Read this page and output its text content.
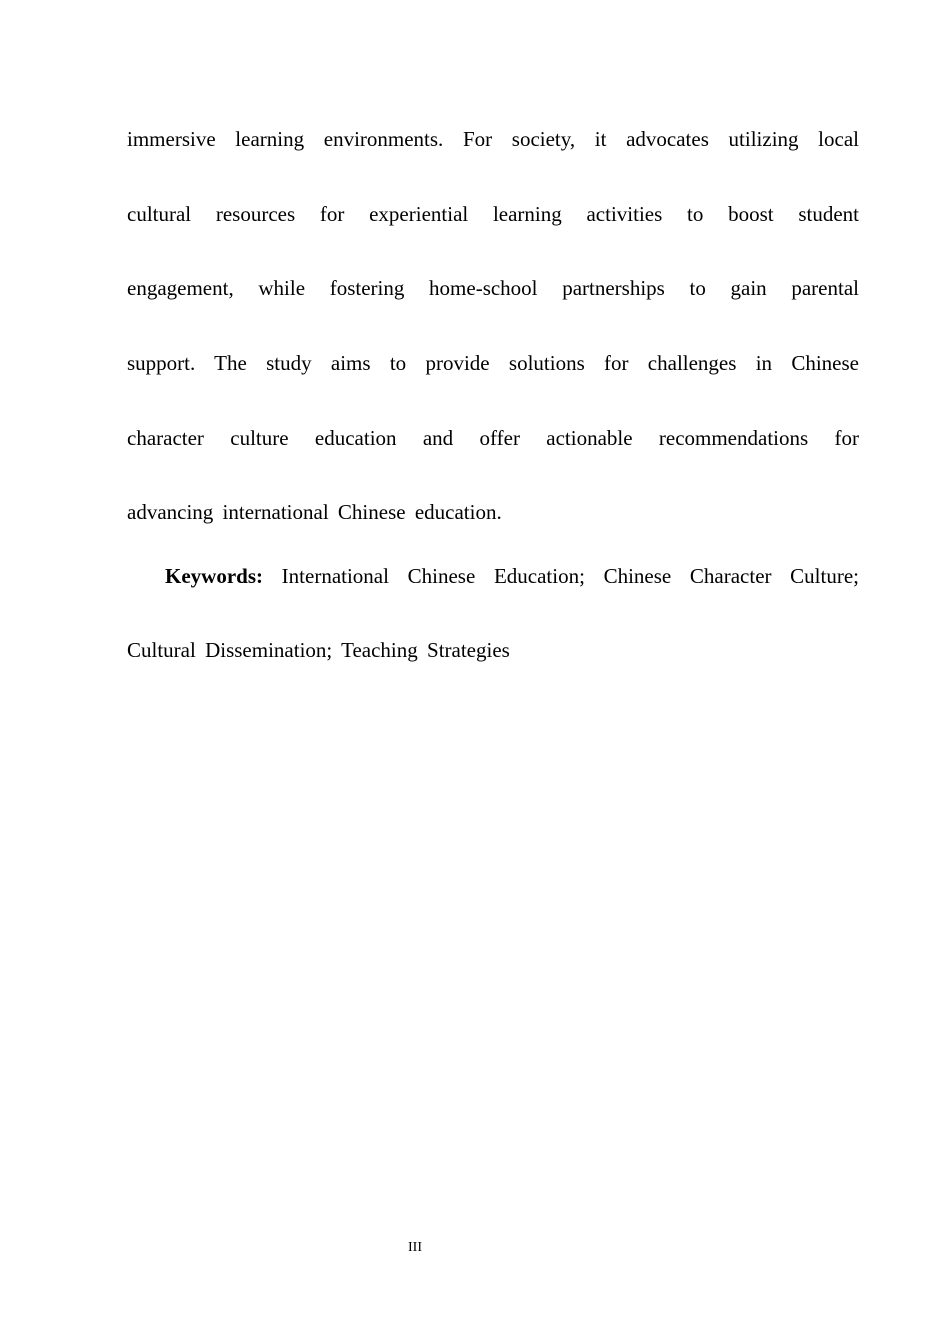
immersive learning environments. For society, it advocates utilizing local
cultural resources for experiential learning activities to boost student
engagement, while fostering home-school partnerships to gain parental
support. The study aims to provide solutions for challenges in Chinese
character culture education and offer actionable recommendations for
advancing international Chinese education.
Keywords: International Chinese Education; Chinese Character Culture;
Cultural Dissemination; Teaching Strategies
III
